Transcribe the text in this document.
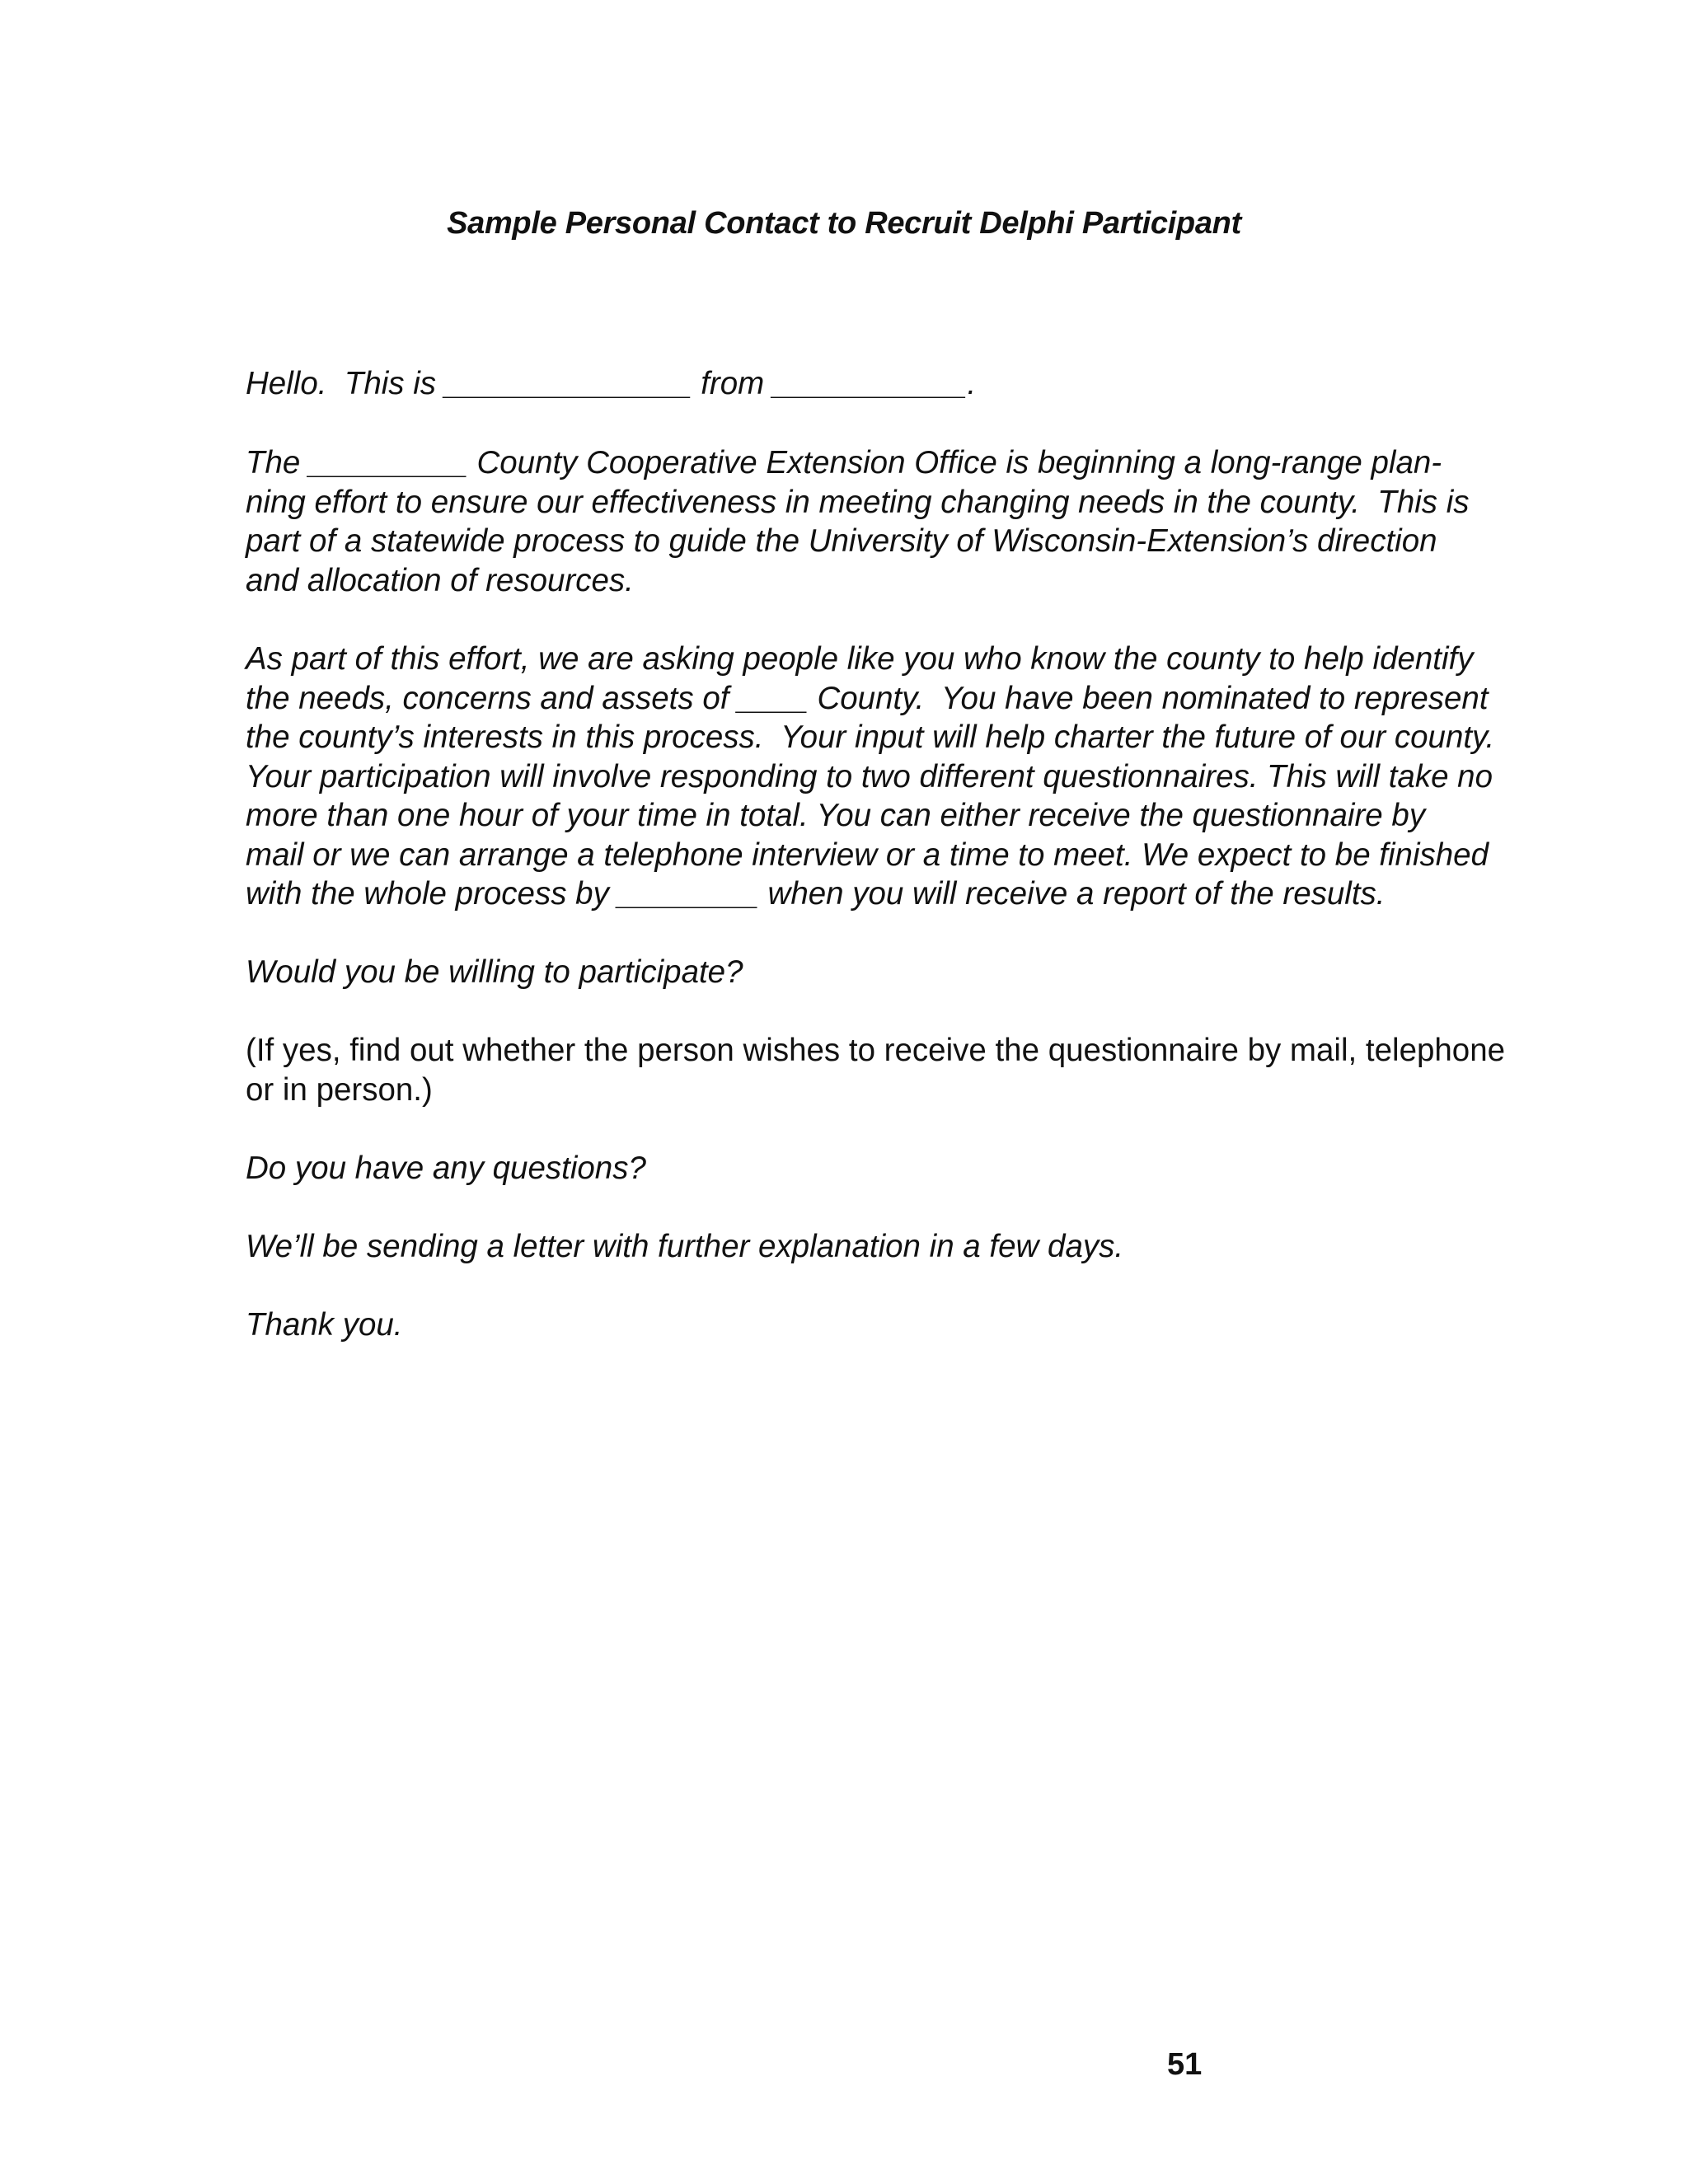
Sample Personal Contact to Recruit Delphi Participant

Hello.  This is ______________ from ___________.

The _________ County Cooperative Extension Office is beginning a long-range plan-
ning effort to ensure our effectiveness in meeting changing needs in the county.  This is
part of a statewide process to guide the University of Wisconsin-Extension’s direction
and allocation of resources.

As part of this effort, we are asking people like you who know the county to help identify
the needs, concerns and assets of ____ County.  You have been nominated to represent
the county’s interests in this process.  Your input will help charter the future of our county.
Your participation will involve responding to two different questionnaires. This will take no
more than one hour of your time in total. You can either receive the questionnaire by
mail or we can arrange a telephone interview or a time to meet. We expect to be finished
with the whole process by ________ when you will receive a report of the results.

Would you be willing to participate?

(If yes, find out whether the person wishes to receive the questionnaire by mail, telephone
or in person.)

Do you have any questions?

We’ll be sending a letter with further explanation in a few days.

Thank you.

51
